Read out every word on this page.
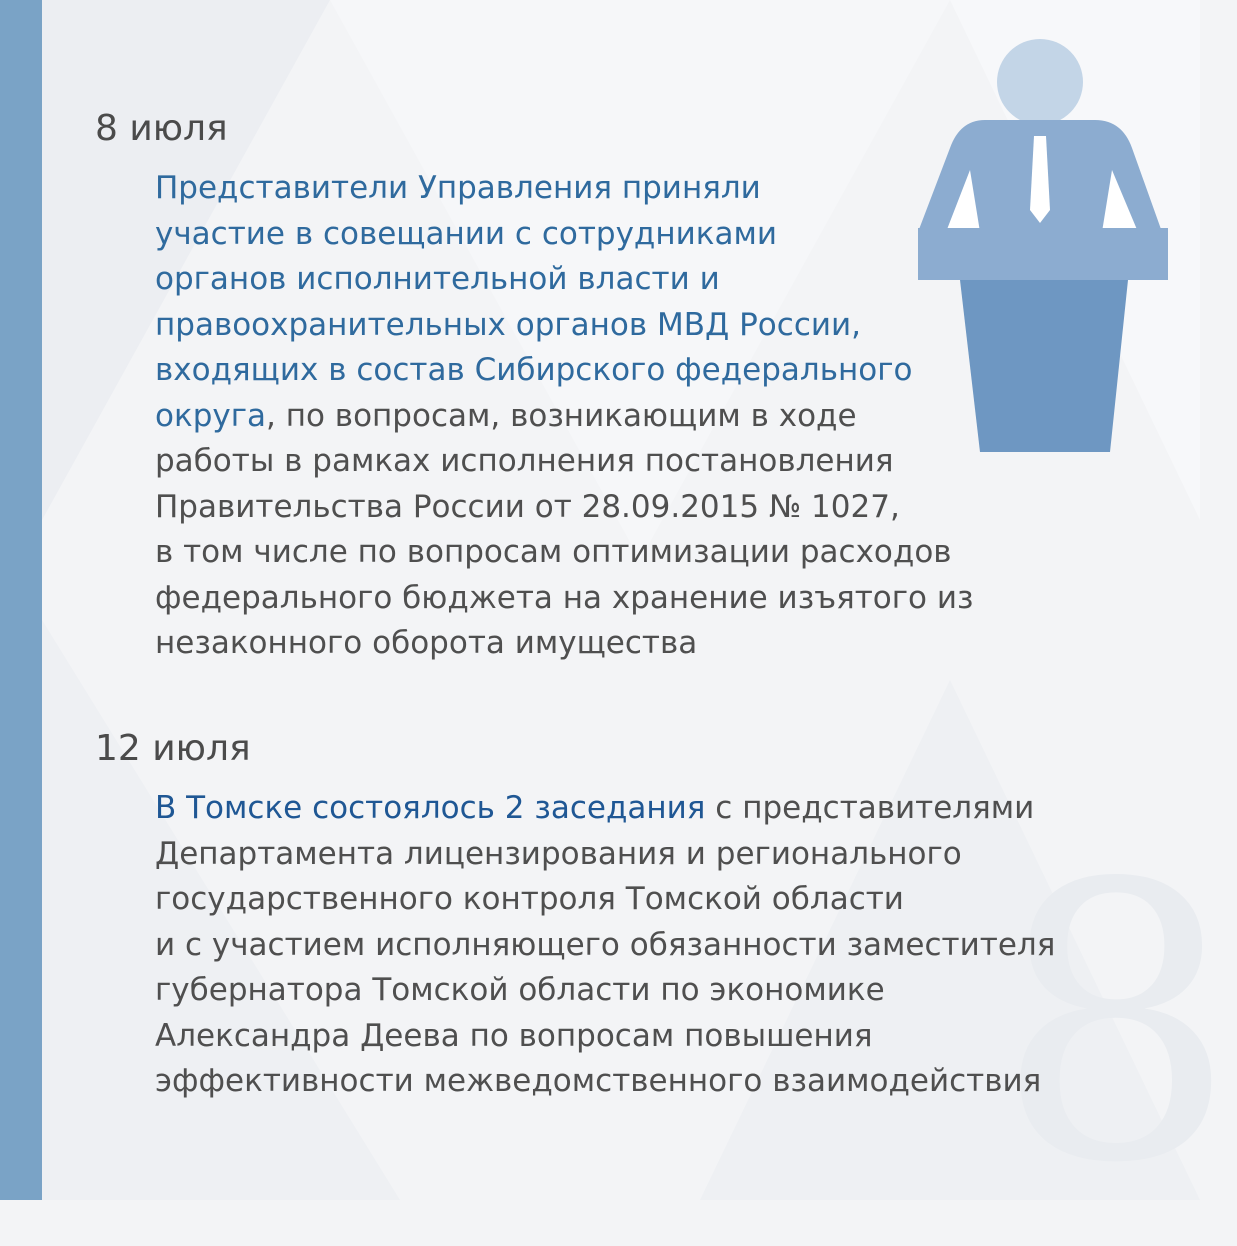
8
8 июля
Представители Управления приняли
участие в совещании с сотрудниками
органов исполнительной власти и
правоохранительных органов МВД России,
входящих в состав Сибирского федерального
округа, по вопросам, возникающим в ходе
работы в рамках исполнения постановления
Правительства России от 28.09.2015 № 1027,
в том числе по вопросам оптимизации расходов
федерального бюджета на хранение изъятого из
незаконного оборота имущества
12 июля
В Томске состоялось 2 заседания с представителями
Департамента лицензирования и регионального
государственного контроля Томской области
и с участием исполняющего обязанности заместителя
губернатора Томской области по экономике
Александра Деева по вопросам повышения
эффективности межведомственного взаимодействия
